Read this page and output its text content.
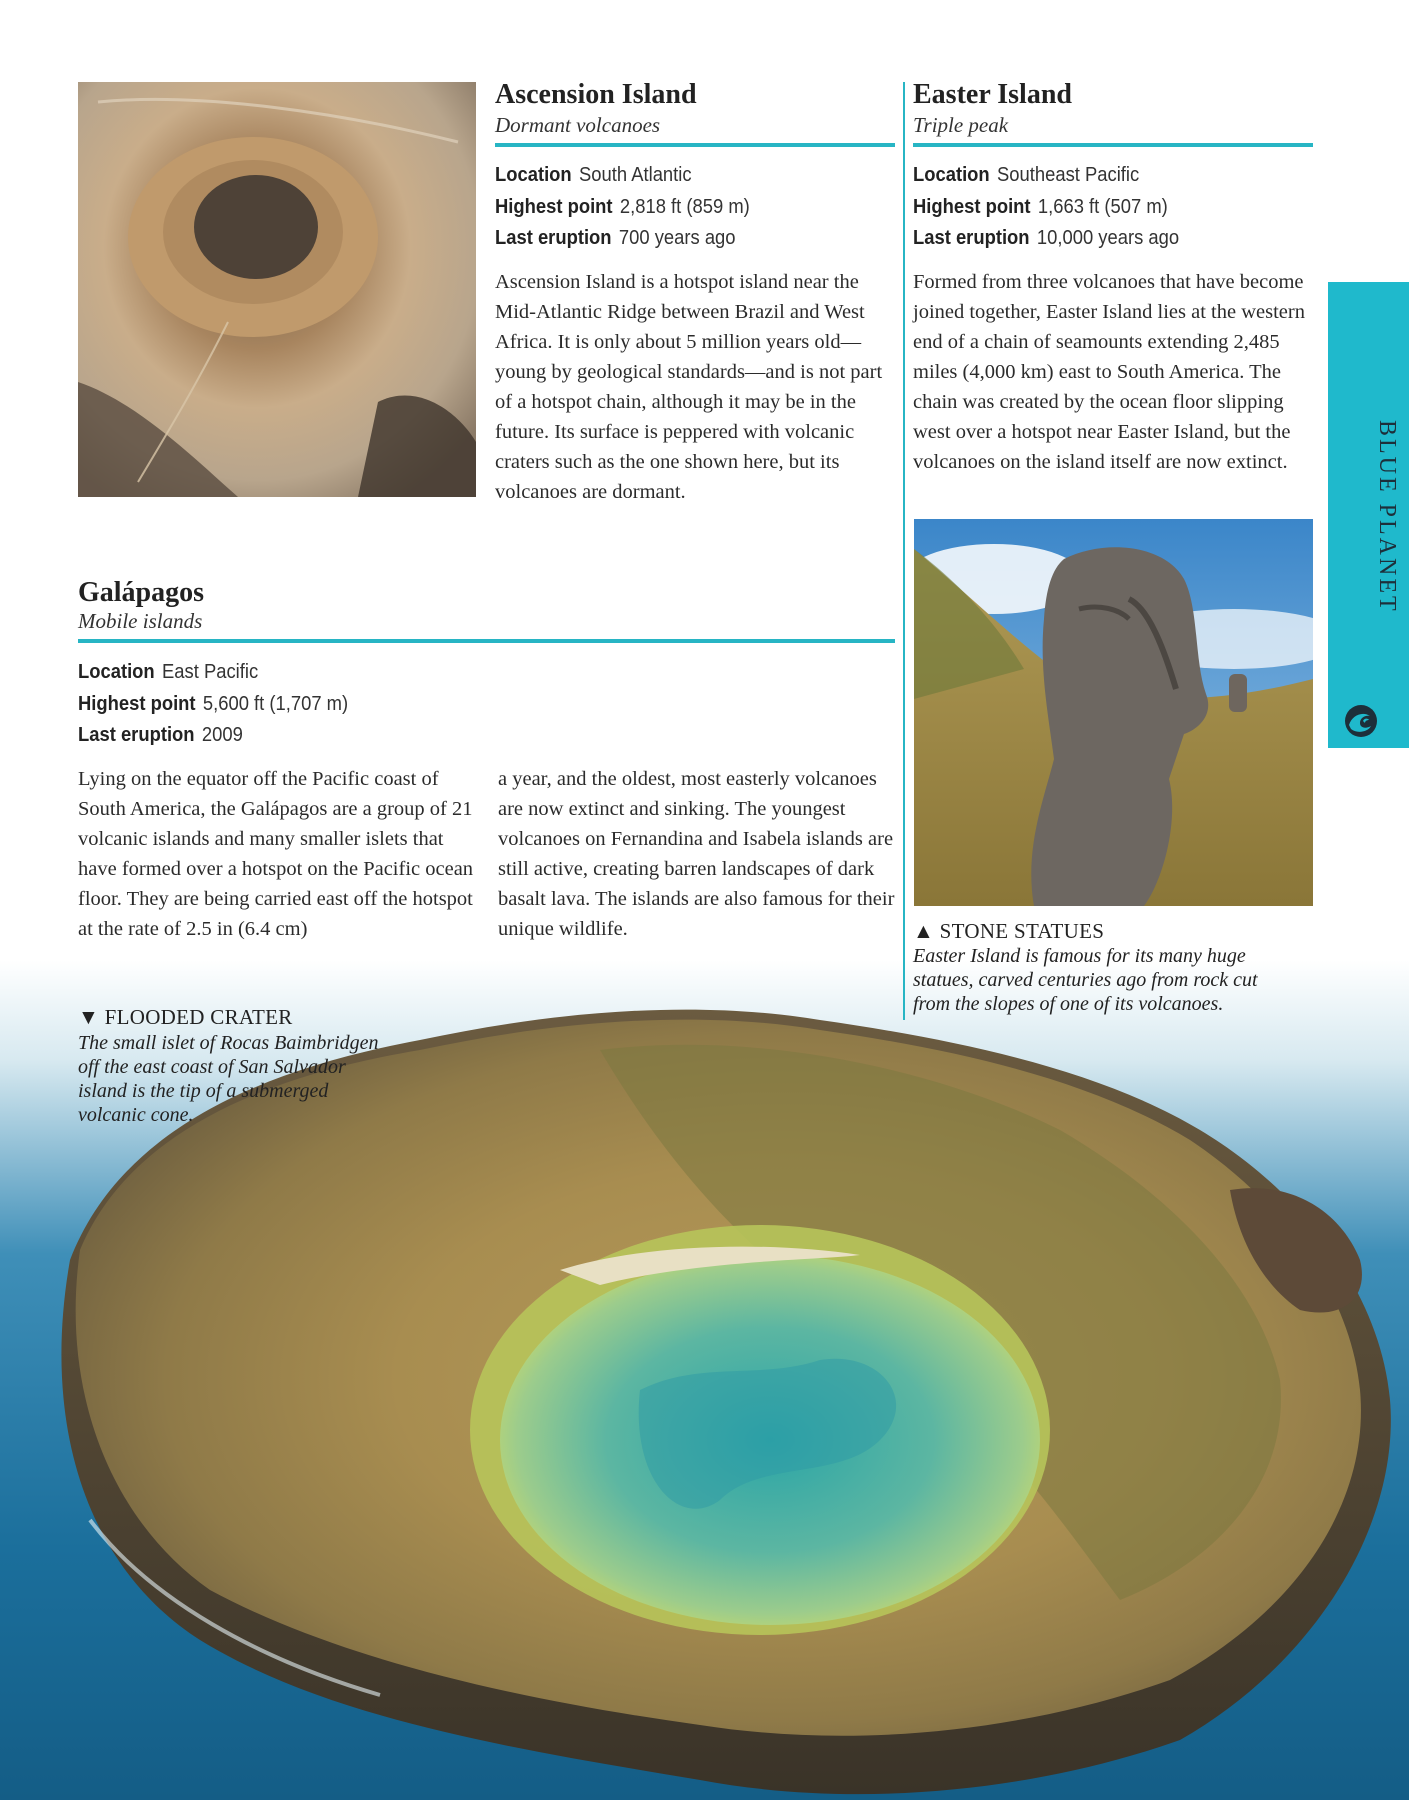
Ascension Island
Dormant volcanoes
Location South Atlantic
Highest point 2,818 ft (859 m)
Last eruption 700 years ago
Ascension Island is a hotspot island near the Mid-Atlantic Ridge between Brazil and West Africa. It is only about 5 million years old—young by geological standards—and is not part of a hotspot chain, although it may be in the future. Its surface is peppered with volcanic craters such as the one shown here, but its volcanoes are dormant.
Easter Island
Triple peak
Location Southeast Pacific
Highest point 1,663 ft (507 m)
Last eruption 10,000 years ago
Formed from three volcanoes that have become joined together, Easter Island lies at the western end of a chain of seamounts extending 2,485 miles (4,000 km) east to South America. The chain was created by the ocean floor slipping west over a hotspot near Easter Island, but the volcanoes on the island itself are now extinct.
▲ STONE STATUES
Easter Island is famous for its many huge statues, carved centuries ago from rock cut from the slopes of one of its volcanoes.
Galápagos
Mobile islands
Location East Pacific
Highest point 5,600 ft (1,707 m)
Last eruption 2009
Lying on the equator off the Pacific coast of South America, the Galápagos are a group of 21 volcanic islands and many smaller islets that have formed over a hotspot on the Pacific ocean floor. They are being carried east off the hotspot at the rate of 2.5 in (6.4 cm)
a year, and the oldest, most easterly volcanoes are now extinct and sinking. The youngest volcanoes on Fernandina and Isabela islands are still active, creating barren landscapes of dark basalt lava. The islands are also famous for their unique wildlife.
▼ FLOODED CRATER
The small islet of Rocas Baimbridgen off the east coast of San Salvador island is the tip of a submerged volcanic cone.
BLUE PLANET
